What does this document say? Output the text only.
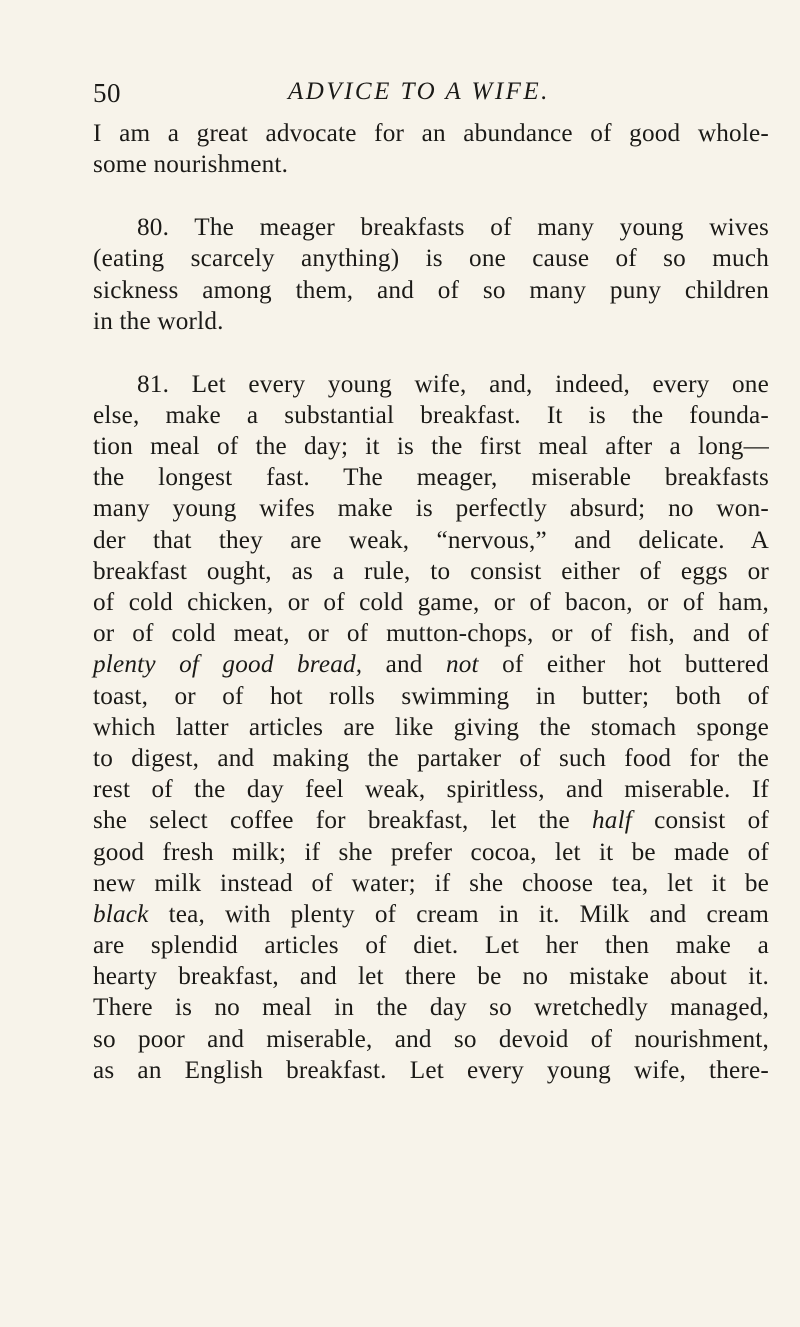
50	ADVICE TO A WIFE.
I am a great advocate for an abundance of good whole-
some nourishment.
80. The meager breakfasts of many young wives
(eating scarcely anything) is one cause of so much
sickness among them, and of so many puny children
in the world.
81. Let every young wife, and, indeed, every one
else, make a substantial breakfast. It is the founda-
tion meal of the day; it is the first meal after a long—
the longest fast. The meager, miserable breakfasts
many young wifes make is perfectly absurd; no won-
der that they are weak, “nervous,” and delicate. A
breakfast ought, as a rule, to consist either of eggs or
of cold chicken, or of cold game, or of bacon, or of ham,
or of cold meat, or of mutton-chops, or of fish, and of
plenty of good bread, and not of either hot buttered
toast, or of hot rolls swimming in butter; both of
which latter articles are like giving the stomach sponge
to digest, and making the partaker of such food for the
rest of the day feel weak, spiritless, and miserable. If
she select coffee for breakfast, let the half consist of
good fresh milk; if she prefer cocoa, let it be made of
new milk instead of water; if she choose tea, let it be
black tea, with plenty of cream in it. Milk and cream
are splendid articles of diet. Let her then make a
hearty breakfast, and let there be no mistake about it.
There is no meal in the day so wretchedly managed,
so poor and miserable, and so devoid of nourishment,
as an English breakfast. Let every young wife, there-
